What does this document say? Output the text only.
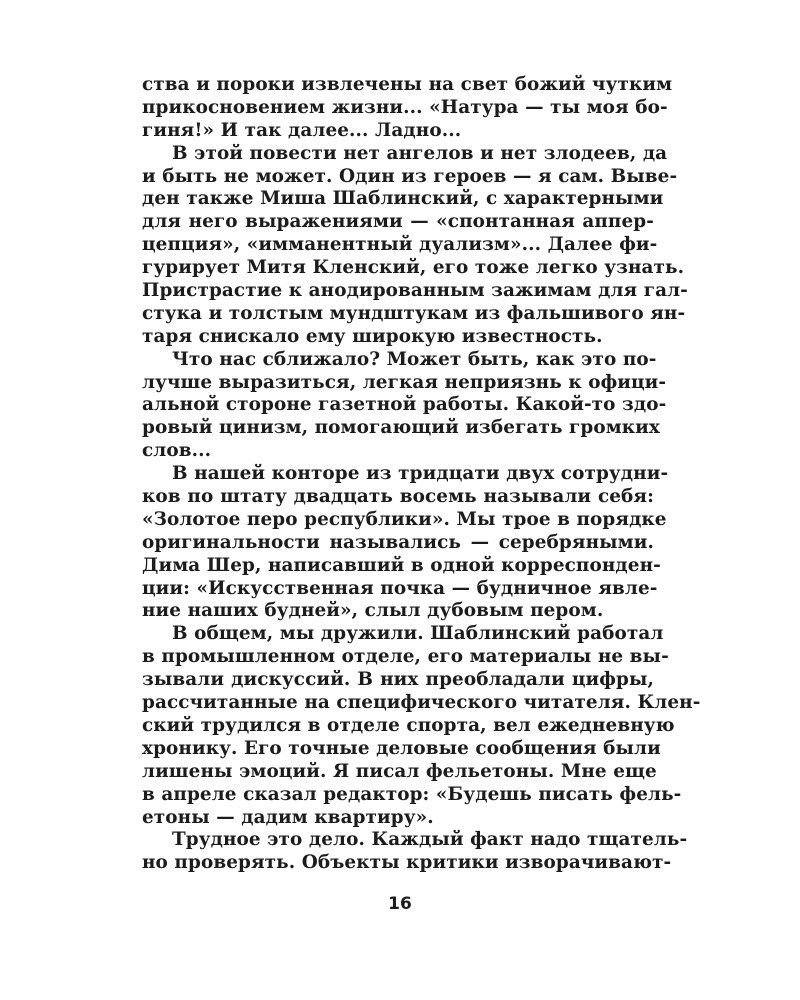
ства и пороки извлечены на свет божий чутким
прикосновением жизни... «Натура — ты моя бо-
гиня!» И так далее... Ладно...
В этой повести нет ангелов и нет злодеев, да
и быть не может. Один из героев — я сам. Выве-
ден также Миша Шаблинский, с характерными
для него выражениями — «спонтанная аппер-
цепция», «имманентный дуализм»... Далее фи-
гурирует Митя Кленский, его тоже легко узнать.
Пристрастие к анодированным зажимам для гал-
стука и толстым мундштукам из фальшивого ян-
таря снискало ему широкую известность.
Что нас сближало? Может быть, как это по-
лучше выразиться, легкая неприязнь к офици-
альной стороне газетной работы. Какой-то здо-
ровый цинизм, помогающий избегать громких
слов...
В нашей конторе из тридцати двух сотрудни-
ков по штату двадцать восемь называли себя:
«Золотое перо республики». Мы трое в порядке
оригинальности назывались — серебряными.
Дима Шер, написавший в одной корреспонден-
ции: «Искусственная почка — будничное явле-
ние наших будней», слыл дубовым пером.
В общем, мы дружили. Шаблинский работал
в промышленном отделе, его материалы не вы-
зывали дискуссий. В них преобладали цифры,
рассчитанные на специфического читателя. Клен-
ский трудился в отделе спорта, вел ежедневную
хронику. Его точные деловые сообщения были
лишены эмоций. Я писал фельетоны. Мне еще
в апреле сказал редактор: «Будешь писать фель-
етоны — дадим квартиру».
Трудное это дело. Каждый факт надо тщатель-
но проверять. Объекты критики изворачивают-
16
